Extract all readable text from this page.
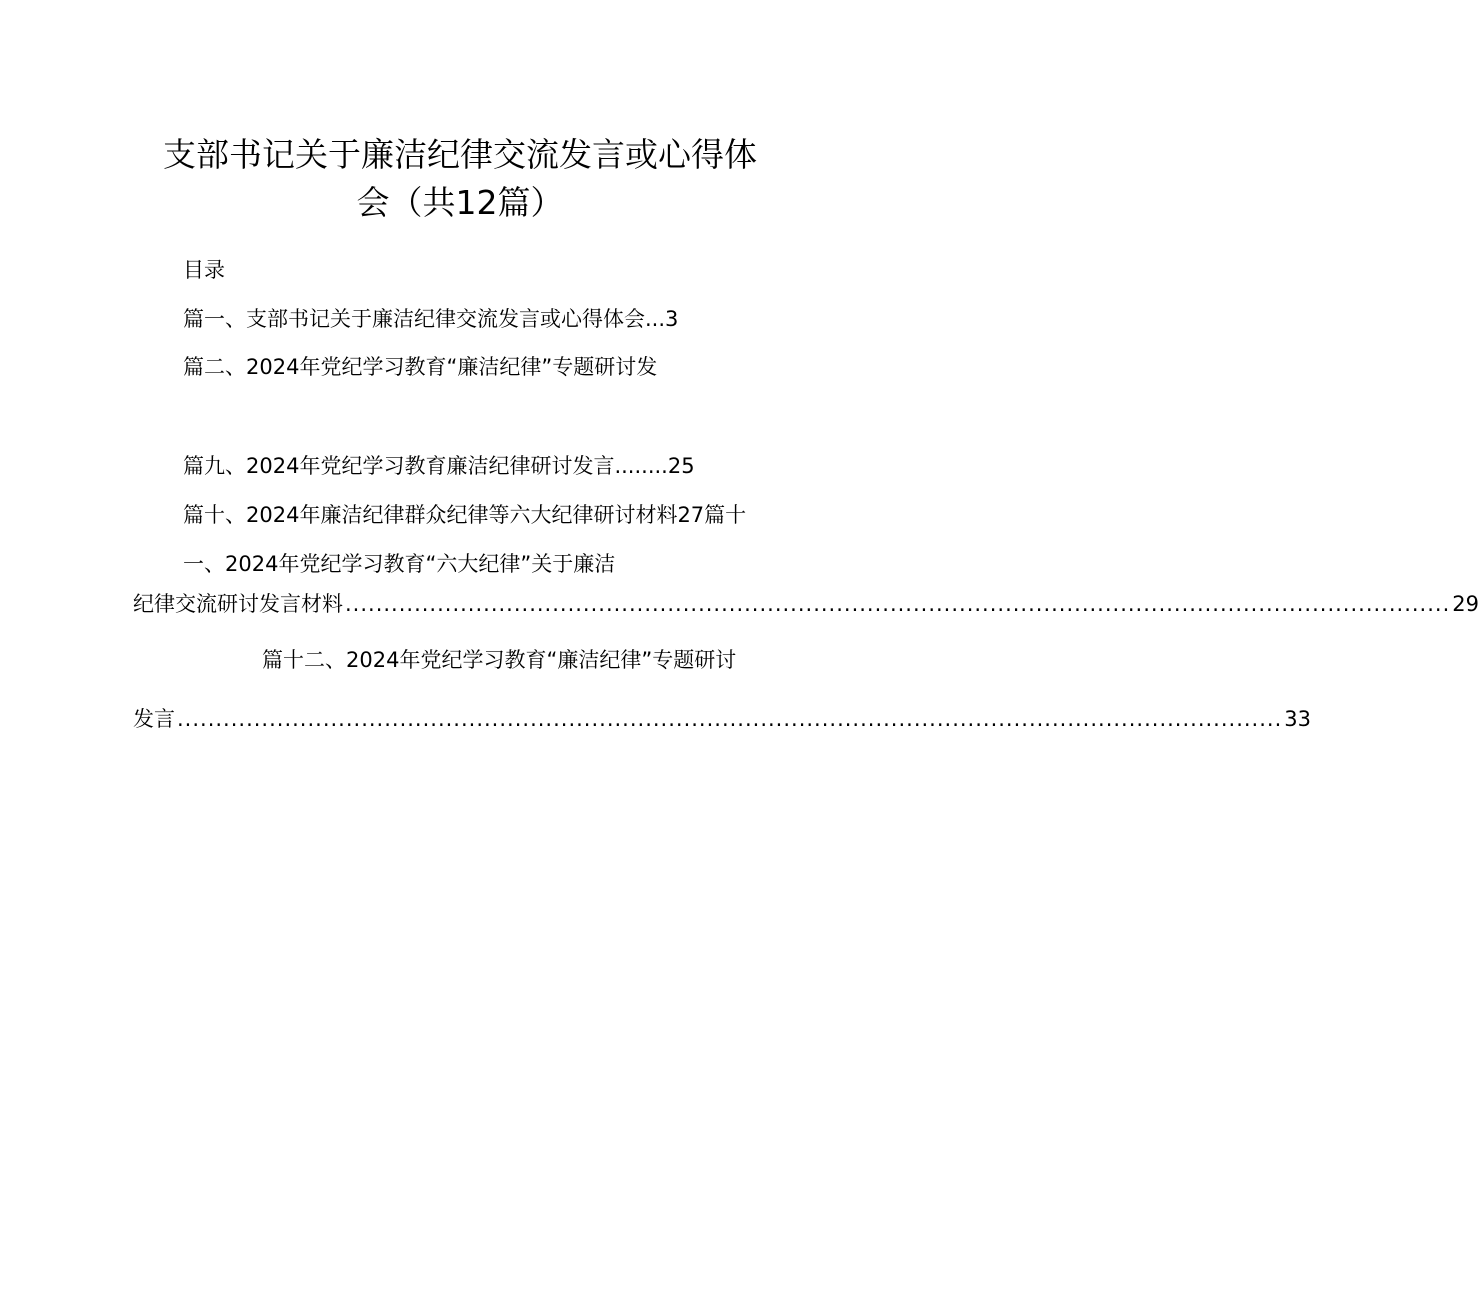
支部书记关于廉洁纪律交流发言或心得体
会（共12篇）
目录
篇一、支部书记关于廉洁纪律交流发言或心得体会...3
篇二、2024年党纪学习教育“廉洁纪律”专题研讨发
篇九、2024年党纪学习教育廉洁纪律研讨发言........25
篇十、2024年廉洁纪律群众纪律等六大纪律研讨材料27篇十
一、2024年党纪学习教育“六大纪律”关于廉洁
纪律交流研讨发言材料 ................................................................................................................................................ 29
篇十二、2024年党纪学习教育“廉洁纪律”专题研讨
发言 ................................................................................................................................................ 33
